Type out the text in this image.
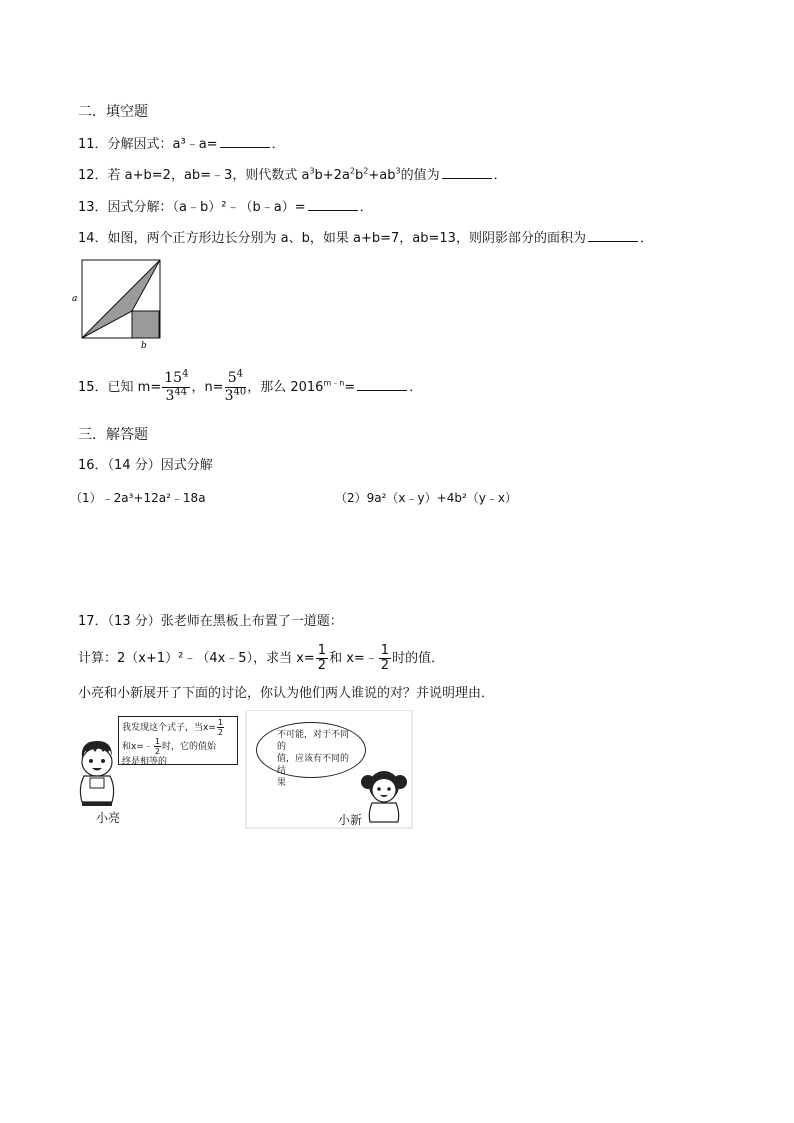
二．填空题
11．分解因式：a³﹣a=	．
12．若 a+b=2，ab=﹣3，则代数式 $a^3b+2a^2b^2+ab^3$的值为	．
13．因式分解：（a﹣b）²﹣（b﹣a）=	．
14．如图，两个正方形边长分别为 a、b，如果 a+b=7，ab=13，则阴影部分的面积为	．
a
b
15．已知 $m= \frac{15^4}{3^{44}}$ ，$n= \frac{5^4}{3^{40}}$ ，那么 $2016^{m﹣n}=$	．
三．解答题
16．（14 分）因式分解
（1）﹣2a³+12a²﹣18a	（2）9a²（x﹣y）+4b²（y﹣x）
17．（13 分）张老师在黑板上布置了一道题：
计算：2（x+1）²﹣（4x﹣5），求当 $x= \frac{1}{2}$ 和 x=﹣ $\frac{1}{2}$ 时的值．
小亮和小新展开了下面的讨论，你认为他们两人谁说的对？并说明理由．
我发现这个式子，当$x= \frac{1}{2}$
和x=﹣ $\frac{1}{2}$ 时，它的值始
终是相等的
小亮
不可能，对于不同的
值，应该有不同的结
果
小新
